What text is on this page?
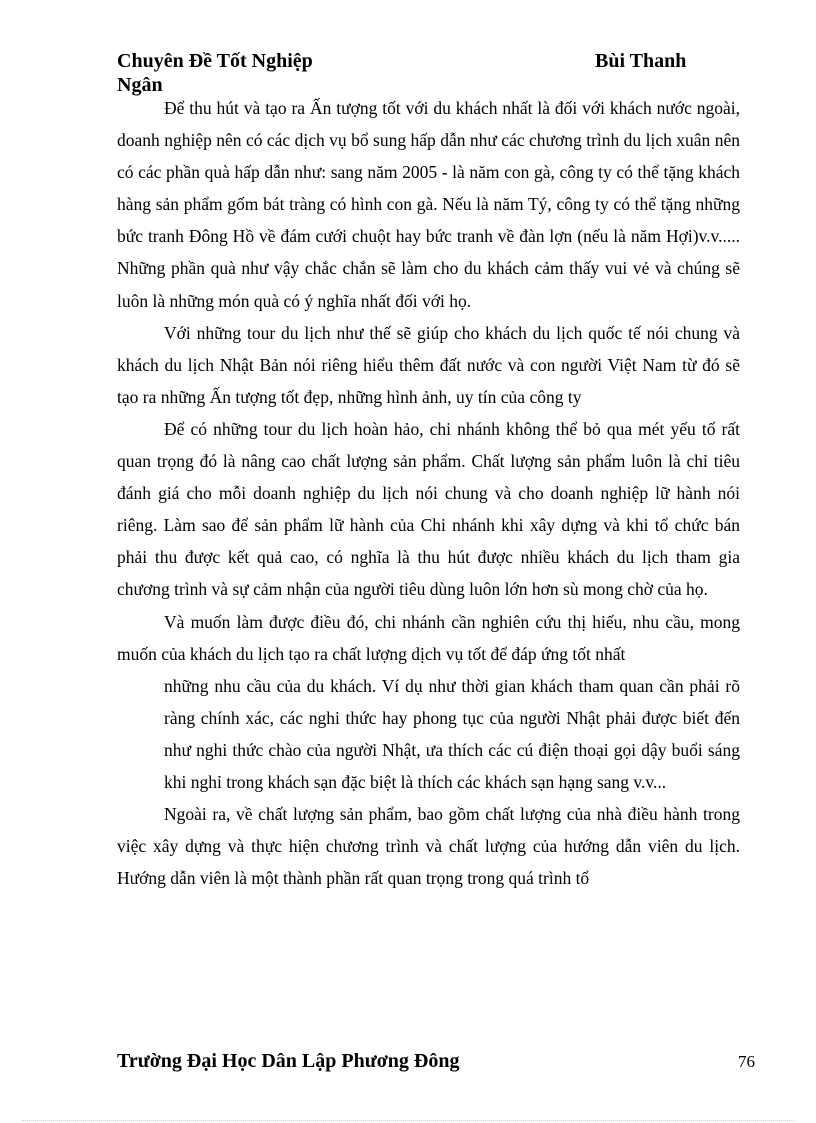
Chuyên Đề Tốt Nghiệp	Bùi Thanh
Ngân

Để thu hút và tạo ra Ấn tượng tốt với du khách nhất là đối với khách nước ngoài, doanh nghiệp nên có các dịch vụ bổ sung hấp dẫn như các chương trình du lịch xuân nên có các phần quà hấp dẫn như: sang năm 2005 - là năm con gà, công ty có thể tặng khách hàng sản phẩm gốm bát tràng có hình con gà. Nếu là năm Tý, công ty có thể tặng những bức tranh Đông Hồ về đám cưới chuột hay bức tranh về đàn lợn (nếu là năm Hợi)v.v..... Những phần quà như vậy chắc chắn sẽ làm cho du khách cảm thấy vui vẻ và chúng sẽ luôn là những món quà có ý nghĩa nhất đối với họ.

Với những tour du lịch như thế sẽ giúp cho khách du lịch quốc tế nói chung và khách du lịch Nhật Bản nói riêng hiểu thêm đất nước và con người Việt Nam từ đó sẽ tạo ra những Ấn tượng tốt đẹp, những hình ảnh, uy tín của công ty

Để có những tour du lịch hoàn hảo, chi nhánh không thể bỏ qua mét yếu tố rất quan trọng đó là nâng cao chất lượng sản phẩm. Chất lượng sản phẩm luôn là chỉ tiêu đánh giá cho mỗi doanh nghiệp du lịch nói chung và cho doanh nghiệp lữ hành nói riêng. Làm sao để sản phẩm lữ hành của Chi nhánh khi xây dựng và khi tổ chức bán phải thu được kết quả cao, có nghĩa là thu hút được nhiều khách du lịch tham gia chương trình và sự cảm nhận của người tiêu dùng luôn lớn hơn sù mong chờ của họ.

Và muốn làm được điều đó, chi nhánh cần nghiên cứu thị hiếu, nhu cầu, mong muốn của khách du lịch tạo ra chất lượng dịch vụ tốt để đáp ứng tốt nhất

những nhu cầu của du khách. Ví dụ như thời gian khách tham quan cần phải rõ ràng chính xác, các nghi thức hay phong tục của người Nhật phải được biết đến như nghi thức chào của người Nhật, ưa thích các cú điện thoại gọi dậy buổi sáng khi nghỉ trong khách sạn đặc biệt là thích các khách sạn hạng sang v.v...

Ngoài ra, về chất lượng sản phẩm, bao gồm chất lượng của nhà điều hành trong việc xây dựng và thực hiện chương trình và chất lượng của hướng dẫn viên du lịch. Hướng dẫn viên là một thành phần rất quan trọng trong quá trình tổ

Trường Đại Học Dân Lập Phương Đông	76
